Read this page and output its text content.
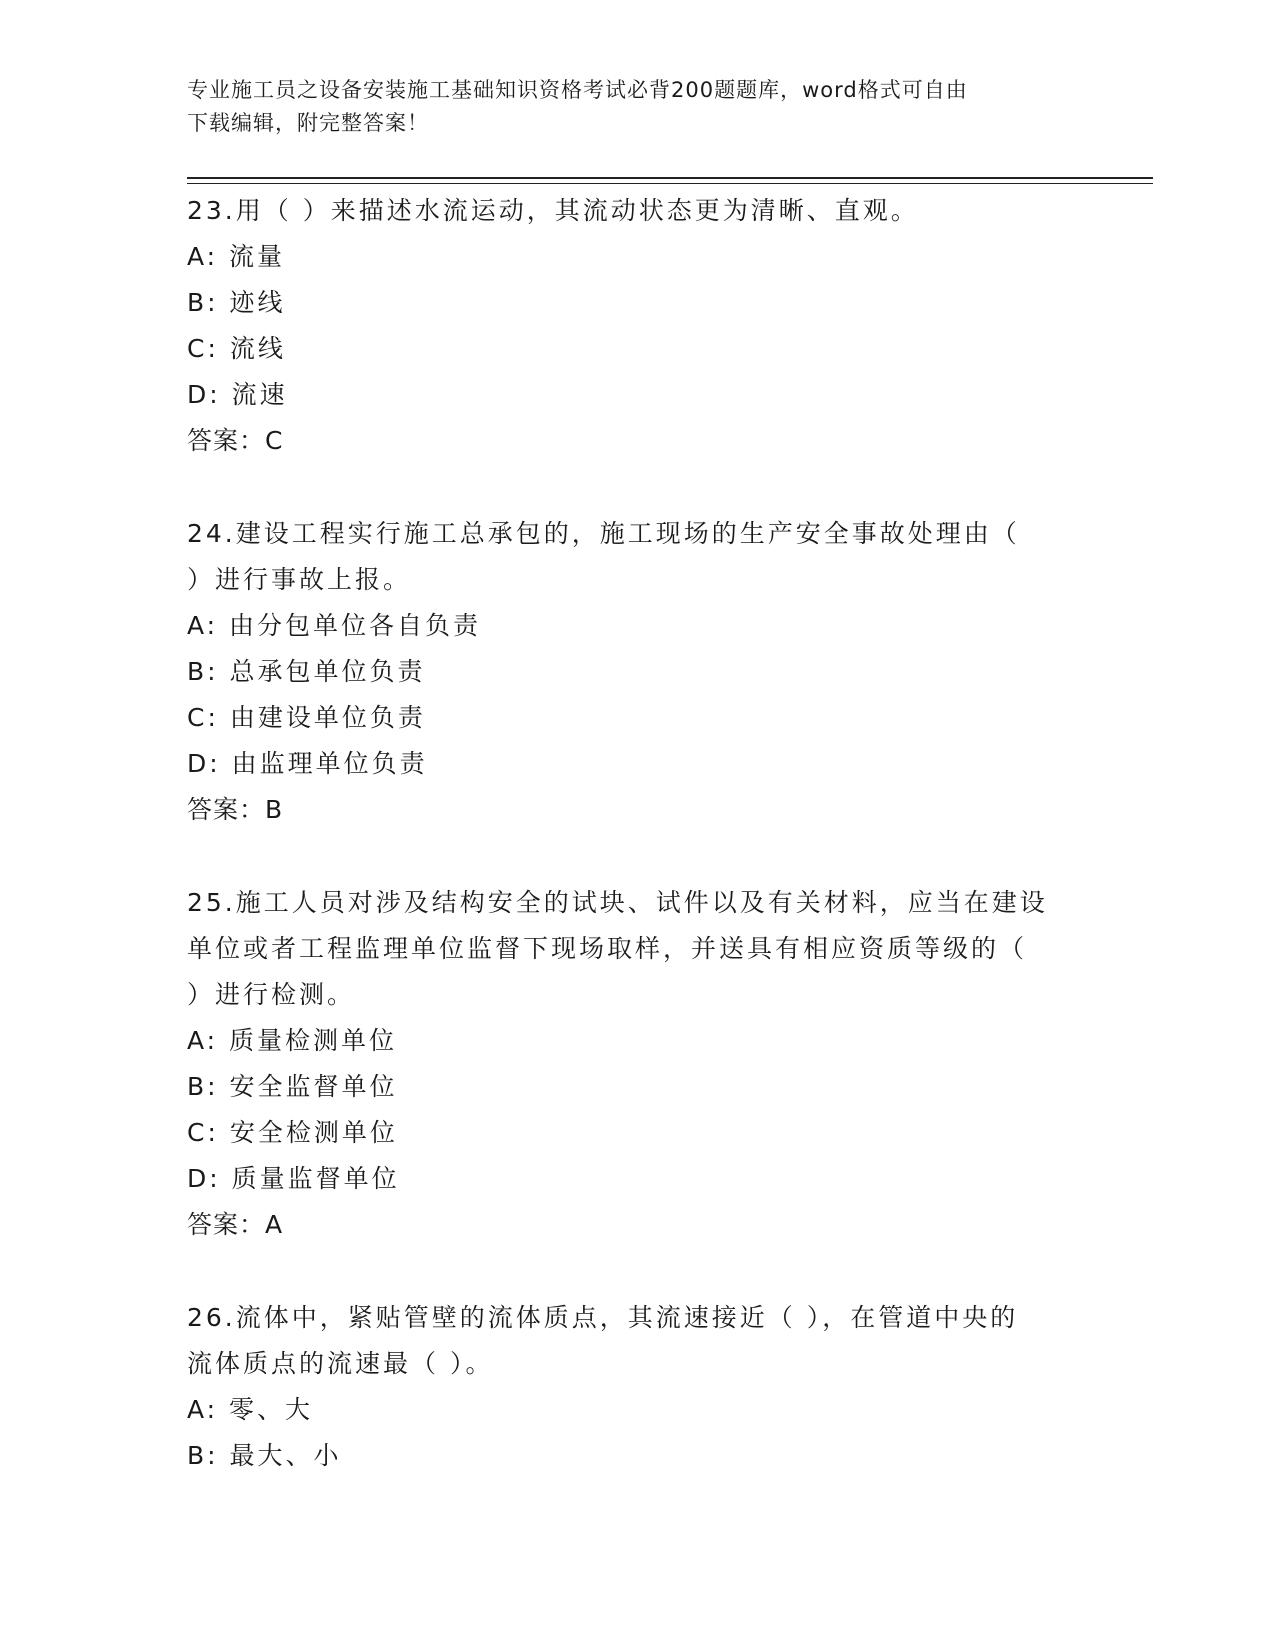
专业施工员之设备安装施工基础知识资格考试必背200题题库，word格式可自由
下载编辑，附完整答案！

23.用（ ）来描述水流运动，其流动状态更为清晰、直观。

A: 流量

B: 迹线

C: 流线

D: 流速

答案：C

24.建设工程实行施工总承包的，施工现场的生产安全事故处理由（

）进行事故上报。

A: 由分包单位各自负责

B: 总承包单位负责

C: 由建设单位负责

D: 由监理单位负责

答案：B

25.施工人员对涉及结构安全的试块、试件以及有关材料，应当在建设

单位或者工程监理单位监督下现场取样，并送具有相应资质等级的（

）进行检测。

A: 质量检测单位

B: 安全监督单位

C: 安全检测单位

D: 质量监督单位

答案：A

26.流体中，紧贴管壁的流体质点，其流速接近（ ），在管道中央的

流体质点的流速最（ ）。

A: 零、大

B: 最大、小
